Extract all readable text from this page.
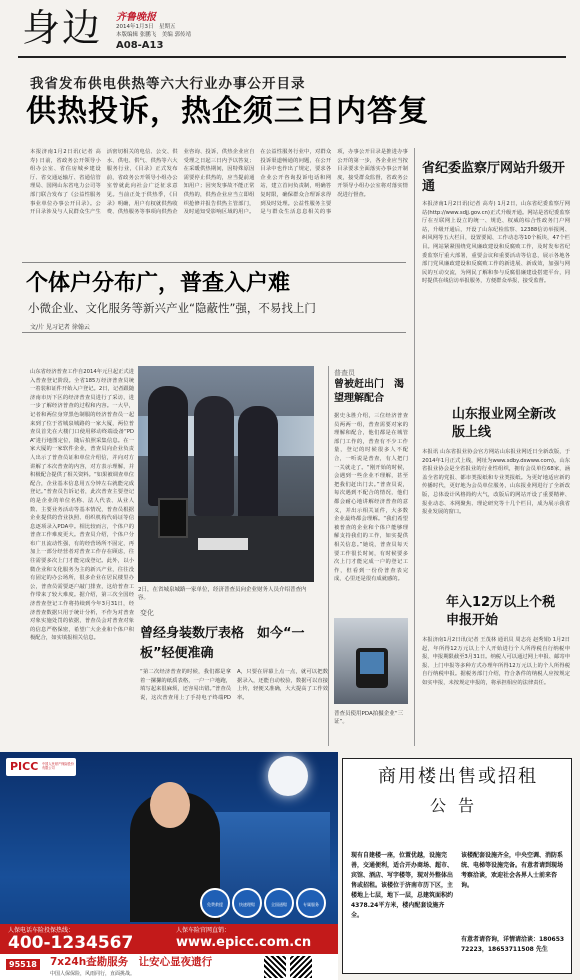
身边 齐鲁晚报
2014年1月3日　星期五
本版编辑 张鹏飞　美编 郭传靖
A08-A13
我省发布供电供热等六大行业办事公开目录
供热投诉，热企须三日内答复
本报济南1月2日讯(记者 高寿) 日前，省政务公开领导小组办公室、省住房城乡建设厅、省交通运输厅、省通信管理局、国网山东省电力公司等部门联合发布了《公益性服务事业单位办事公开目录》。公开目录涉及与人民群众生产生活密切相关的电信、公交、供水、供电、供气、供热等六大服务行业，《目录》正式发布前，省政务公开领导小组办公室曾就此向社会广泛征求意见。当前正处于供热季，《目录》明确，用户有权就供热收费、供热服务等事项向供热企业咨询、投诉，供热企业应自受理之日起三日内予以答复；在采暖供热期间，因特殊原因需要停止供热的，应当提前通知用户；因突发事故不能正常供热的，供热企业应当立即组织抢修并报告供热主管部门，及时通知受影响区域的用户。在公益性服务行业中，对群众投诉渠道畅通的问题，在公开目录中也作出了规定，要求各企业公开咨询投诉电话和网站，建立首问负责制，明确答复时限，确保群众合理诉求得到及时处理。公益性服务主要是与群众生活息息相关的事项，办事公开目录是推进办事公开的第一步，各企业应当按目录要求全面落实办事公开制度，接受群众监督，省政务公开领导小组办公室将对落实情况进行督查。
省纪委监察厅网站升级开通
本报济南1月2日讯(记者 高寿) 1月2日，山东省纪委监察厅网站(http://www.sdjj.gov.cn)正式升级开通。网站是省纪委监察厅在互联网上设立的统一、规范、权威的综合性政务门户网站，升级开通后，开设了山东纪检监察、12388信访举报网、纠风网等五大栏目，设置要闻、工作动态等10个板块，47个栏目。网站紧紧围绕党风廉政建设和反腐败工作，及时发布省纪委监察厅重大部署，重要会议和重要活动等信息，展示各地各部门党风廉政建设和反腐败工作的新进展、新成效，加强与网民的互动交流，为网民了解和参与反腐倡廉建设搭建平台，同时提供在线信访举报服务，方便群众举报，接受监督。
山东报业网全新改版上线
本报讯 山东省报业协会官方网站山东报业网近日全新改版，于2014年1月正式上线，网址为www.sdby.dswww.com)。山东省报业协会是全省报业的行业性组织，拥有会员单位68家，涵盖全省的党报、都市类报纸和专业类报纸。为更好地适应新的传播时代，更好地为会员单位服务，山东报业网进行了全新改版，总体设计风格简约大气，改版后的网站开设了重要精神、报业动态、本网聚焦、理论研究等十几个栏目，成为展示我省报业发展的窗口。
年入12万以上个税申报开始
本报济南1月2日讯(记者 王茂林 通讯员 周志亮 赵秀娟) 1月2日起，年所得12万元以上个人开始进行个人所得税自行纳税申报，申报期限截至3月31日。纳税人可以通过网上申报、邮寄申报、上门申报等多种方式办理年所得12万元以上的个人所得税自行纳税申报。据税务部门介绍，符合条件的纳税人应按规定如实申报，未按规定申报的，将承担相应的法律责任。
个体户分布广，普查入户难
小微企业、文化服务等新兴产业“隐蔽性”强，不易找上门
文/片 见习记者 徐翰云
山东省经济普查工作自2014年元旦起正式进入普查登记阶段。全省185万经济普查员统一着装和证件开始入户登记。2日，记者跟随济南市历下区的经济普查员进行了采访，进一步了解经济普查的过程和内容。一大早，记者和两位身穿黑色制服的经济普查员一起来到了位于省城泉城路的一家大厦，两位普查员首先在大楼门口使用移动终端设备“PDA”进行地图定位，随后拍照采集信息。在一家大厦的一家软件企业，普查员向企业负责人出示了普查员证和单位介绍信，并向对方讲解了本次普查的内容，对方表示理解，并积极配合提供了相关资料。“如果被调查单位配合，企业基本信息用五分钟左右就能完成登记。”普查员告诉记者，此次普查主要登记的是企业的单位名称、法人代表、从业人数、主要业务活动等基本情况，普查员根据企业提供的营业执照、组织机构代码证等信息逐项录入PDA中。相比较而言，个体户的普查工作难度更大。普查员介绍，个体户分布广且流动性强，有的经营场所不固定，再加上一部分经营者对普查工作存在顾虑，往往需要多次上门才能完成登记。此外，以小微企业和文化服务为主的新兴产业，往往没有固定的办公场所，很多企业在居民楼里办公，普查员需要逐户敲门排查，这给普查工作带来了较大难度。据介绍，第三次全国经济普查登记工作将持续到今年3月31日，经济普查数据只用于统计分析，不作为对普查对象实施处罚的依据，普查员会对普查对象的信息严格保密，希望广大企业和个体户积极配合，如实填报相关信息。
2日，在省城泉城路一家单位，经济普查员向企业财务人员介绍普查内容。
普查员
曾被赶出门　渴望理解配合
据史永胜介绍，三位经济普查员两两一组，普查需要对家的理解和配合，他们都是在城管部门工作的，普查有不少工作量，登记的时候很多人不配合，一听说是普查，有人把门一关就走了。“刚开始的时候，会遇到一些企业不理解，甚至把我们赶出门去。”普查员说，每次遇到不配合的情况，他们都会耐心地讲解经济普查的意义，并出示相关证件，大多数企业最终都会理解。“我们希望被普查的企业和个体户能够理解支持我们的工作，如实提供相关信息。”她说，普查员每天要工作很长时间，有时候要多次上门才能完成一户的登记工作，但看到一份份普查表完成，心里还是很有成就感的。
变化
曾经身装数厅表格　如今“一板”轻便准确
“第二次经济普查的时候，我们都是拿着一摞摞的纸质表格，一户一户地跑，填写起来很麻烦，还容易出错。”普查员说，这次普查用上了手持电子终端PDA，只要在屏幕上点一点，就可以把数据录入，还能自动校验，数据可以直接上传，轻便又准确，大大提高了工作效率。
普查员使用PDA拍摄企业“三证”。
PICC 中国人民财产保险股份有限公司
免费救援	快速理赔	全国通赔	专属服务
人保电话车险投保热线：
400-1234567
人保车险官网直销：
www.epicc.com.cn
95518 7x24h查勘服务　让安心显夜遗行
中国人保保险，风雨同行，直面挑战。
商用楼出售或招租
公告
现有自建楼一座，位置优越，设施完善，交通便利，适合开办商场、超市、宾馆、酒店、写字楼等，现对外整体出售或招租。该楼位于济南市历下区，主楼地上七层，地下一层，总建筑面积约4378.24平方米，楼内配套设施齐全。
该楼配套设施齐全，中央空调、消防系统、电梯等设施完备。有意者请到现场考察洽谈，欢迎社会各界人士前来咨询。
有意者请咨询，详情请洽谈：18065372223，18653711508 先生
